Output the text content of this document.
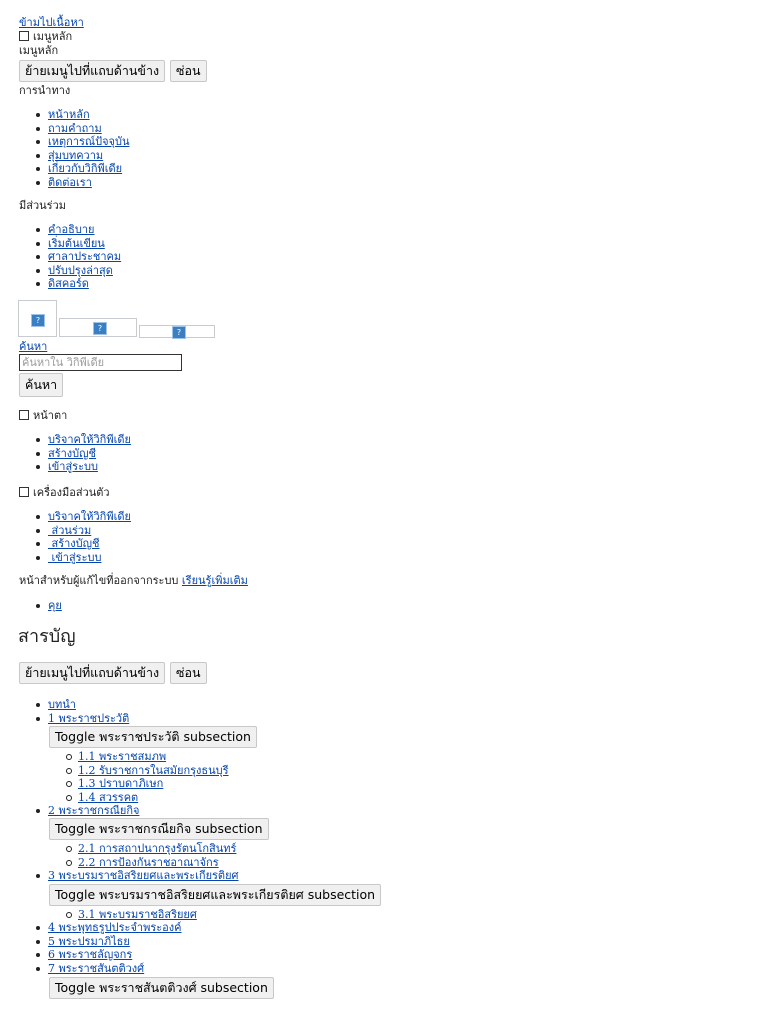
ข้ามไปเนื้อหา
เมนูหลัก
เมนูหลัก
ย้ายเมนูไปที่แถบด้านข้าง	ซ่อน
การนำทาง
หน้าหลัก
ถามคำถาม
เหตุการณ์ปัจจุบัน
สุ่มบทความ
เกี่ยวกับวิกิพีเดีย
ติดต่อเรา
มีส่วนร่วม
คำอธิบาย
เริ่มต้นเขียน
ศาลาประชาคม
ปรับปรุงล่าสุด
ดิสคอร์ด
?
?	?
ค้นหา
ค้นหาใน วิกิพีเดีย
ค้นหา
หน้าตา
บริจาคให้วิกิพีเดีย
สร้างบัญชี
เข้าสู่ระบบ
เครื่องมือส่วนตัว
บริจาคให้วิกิพีเดีย
ส่วนร่วม
สร้างบัญชี
เข้าสู่ระบบ
หน้าสำหรับผู้แก้ไขที่ออกจากระบบ เรียนรู้เพิ่มเติม
คุย
สารบัญ
ย้ายเมนูไปที่แถบด้านข้าง	ซ่อน
บทนำ
1 พระราชประวัติ
Toggle พระราชประวัติ subsection
1.1 พระราชสมภพ
1.2 รับราชการในสมัยกรุงธนบุรี
1.3 ปราบดาภิเษก
1.4 สวรรคต
2 พระราชกรณียกิจ
Toggle พระราชกรณียกิจ subsection
2.1 การสถาปนากรุงรัตนโกสินทร์
2.2 การป้องกันราชอาณาจักร
3 พระบรมราชอิสริยยศและพระเกียรติยศ
Toggle พระบรมราชอิสริยยศและพระเกียรติยศ subsection
3.1 พระบรมราชอิสริยยศ
4 พระพุทธรูปประจำพระองค์
5 พระปรมาภิไธย
6 พระราชลัญจกร
7 พระราชสันตติวงศ์
Toggle พระราชสันตติวงศ์ subsection
